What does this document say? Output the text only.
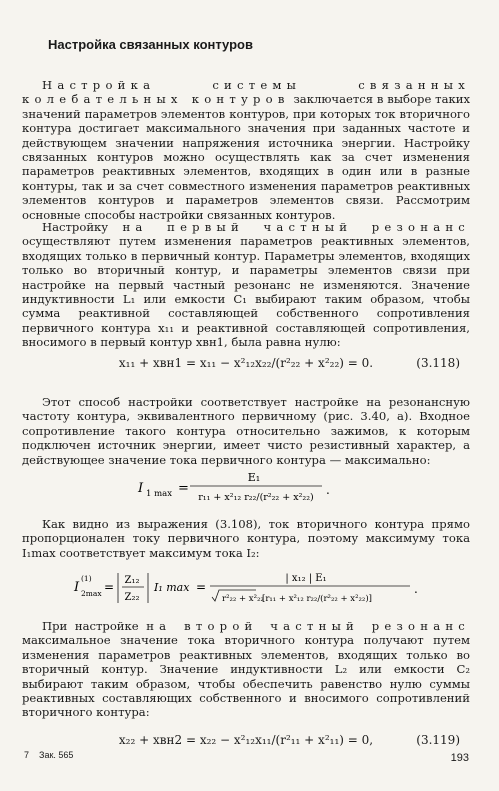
Настройка связанных контуров

Настройка системы связанных колебательных контуров заключается в выборе таких значений параметров элементов контуров, при которых ток вторичного контура достигает максимального значения при заданных частоте и действующем значении напряжения источника энергии. Настройку связанных контуров можно осуществлять как за счет изменения параметров реактивных элементов, входящих в один или в разные контуры, так и за счет совместного изменения параметров реактивных элементов контуров и параметров элементов связи. Рассмотрим основные способы настройки связанных контуров.

Настройку на первый частный резонанс осуществляют путем изменения параметров реактивных элементов, входящих только в первичный контур. Параметры элементов, входящих только во вторичный контур, и параметры элементов связи при настройке на первый частный резонанс не изменяются. Значение индуктивности L₁ или емкости C₁ выбирают таким образом, чтобы сумма реактивной составляющей собственного сопротивления первичного контура x₁₁ и реактивной составляющей сопротивления, вносимого в первый контур xвн1, была равна нулю:

x₁₁ + xвн1 = x₁₁ − x²₁₂x₂₂/(r²₂₂ + x²₂₂) = 0.	(3.118)

Этот способ настройки соответствует настройке на резонансную частоту контура, эквивалентного первичному (рис. 3.40, а). Входное сопротивление такого контура относительно зажимов, к которым подключен источник энергии, имеет чисто резистивный характер, а действующее значение тока первичного контура — максимально:

I 1 max =
E₁
r₁₁ + x²₁₂ r₂₂/(r²₂₂ + x²₂₂)
.

Как видно из выражения (3.108), ток вторичного контура прямо пропорционален току первичного контура, поэтому максимуму тока I₁max соответствует максимум тока I₂:

I
(1)
2max = Z₁₂
Z₂₂
I₁ max =
| x₁₂ | E₁
r²₂₂ + x²₂₂
[r₁₁ + x²₁₂ r₂₂/(r²₂₂ + x²₂₂)]
.

При настройке на второй частный резонанс максимальное значение тока вторичного контура получают путем изменения параметров реактивных элементов, входящих только во вторичный контур. Значение индуктивности L₂ или емкости C₂ выбирают таким образом, чтобы обеспечить равенство нулю суммы реактивных составляющих собственного и вносимого сопротивлений вторичного контура:

x₂₂ + xвн2 = x₂₂ − x²₁₂x₁₁/(r²₁₁ + x²₁₁) = 0,	(3.119)
7 Зак. 565	193
